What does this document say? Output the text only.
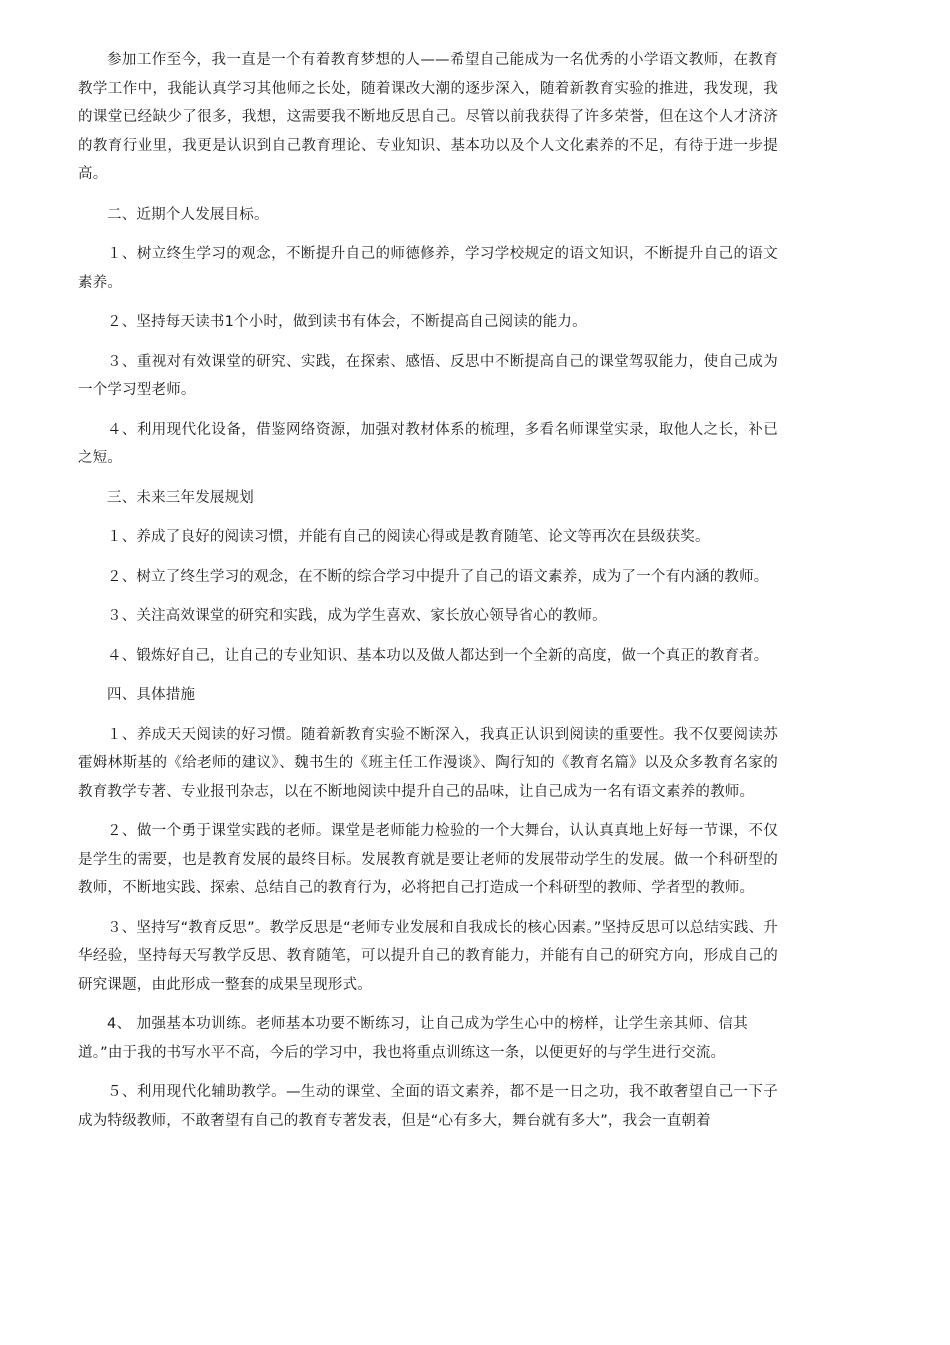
参加工作至今，我一直是一个有着教育梦想的人——希望自己能成为一名优秀的小学语文教师，在教育教学工作中，我能认真学习其他师之长处，随着课改大潮的逐步深入，随着新教育实验的推进，我发现，我的课堂已经缺少了很多，我想，这需要我不断地反思自己。尽管以前我获得了许多荣誉，但在这个人才济济的教育行业里，我更是认识到自己教育理论、专业知识、基本功以及个人文化素养的不足，有待于进一步提高。

二、近期个人发展目标。

１、树立终生学习的观念，不断提升自己的师德修养，学习学校规定的语文知识，不断提升自己的语文素养。

２、坚持每天读书1个小时，做到读书有体会，不断提高自己阅读的能力。

３、重视对有效课堂的研究、实践，在探索、感悟、反思中不断提高自己的课堂驾驭能力，使自己成为一个学习型老师。

４、利用现代化设备，借鉴网络资源，加强对教材体系的梳理，多看名师课堂实录，取他人之长，补已之短。

三、未来三年发展规划

１、养成了良好的阅读习惯，并能有自己的阅读心得或是教育随笔、论文等再次在县级获奖。

２、树立了终生学习的观念，在不断的综合学习中提升了自己的语文素养，成为了一个有内涵的教师。

３、关注高效课堂的研究和实践，成为学生喜欢、家长放心领导省心的教师。

４、锻炼好自己，让自己的专业知识、基本功以及做人都达到一个全新的高度，做一个真正的教育者。

四、具体措施

１、养成天天阅读的好习惯。随着新教育实验不断深入，我真正认识到阅读的重要性。我不仅要阅读苏霍姆林斯基的《给老师的建议》、魏书生的《班主任工作漫谈》、陶行知的《教育名篇》以及众多教育名家的教育教学专著、专业报刊杂志，以在不断地阅读中提升自己的品味，让自己成为一名有语文素养的教师。

２、做一个勇于课堂实践的老师。课堂是老师能力检验的一个大舞台，认认真真地上好每一节课，不仅是学生的需要，也是教育发展的最终目标。发展教育就是要让老师的发展带动学生的发展。做一个科研型的教师，不断地实践、探索、总结自己的教育行为，必将把自己打造成一个科研型的教师、学者型的教师。

３、坚持写“教育反思”。教学反思是“老师专业发展和自我成长的核心因素。”坚持反思可以总结实践、升华经验，坚持每天写教学反思、教育随笔，可以提升自己的教育能力，并能有自己的研究方向，形成自己的研究课题，由此形成一整套的成果呈现形式。

4、 加强基本功训练。老师基本功要不断练习，让自己成为学生心中的榜样，让学生亲其师、信其道。”由于我的书写水平不高，今后的学习中，我也将重点训练这一条，以便更好的与学生进行交流。

５、利用现代化辅助教学。—生动的课堂、全面的语文素养，都不是一日之功，我不敢奢望自己一下子成为特级教师，不敢奢望有自己的教育专著发表，但是“心有多大，舞台就有多大”，我会一直朝着
